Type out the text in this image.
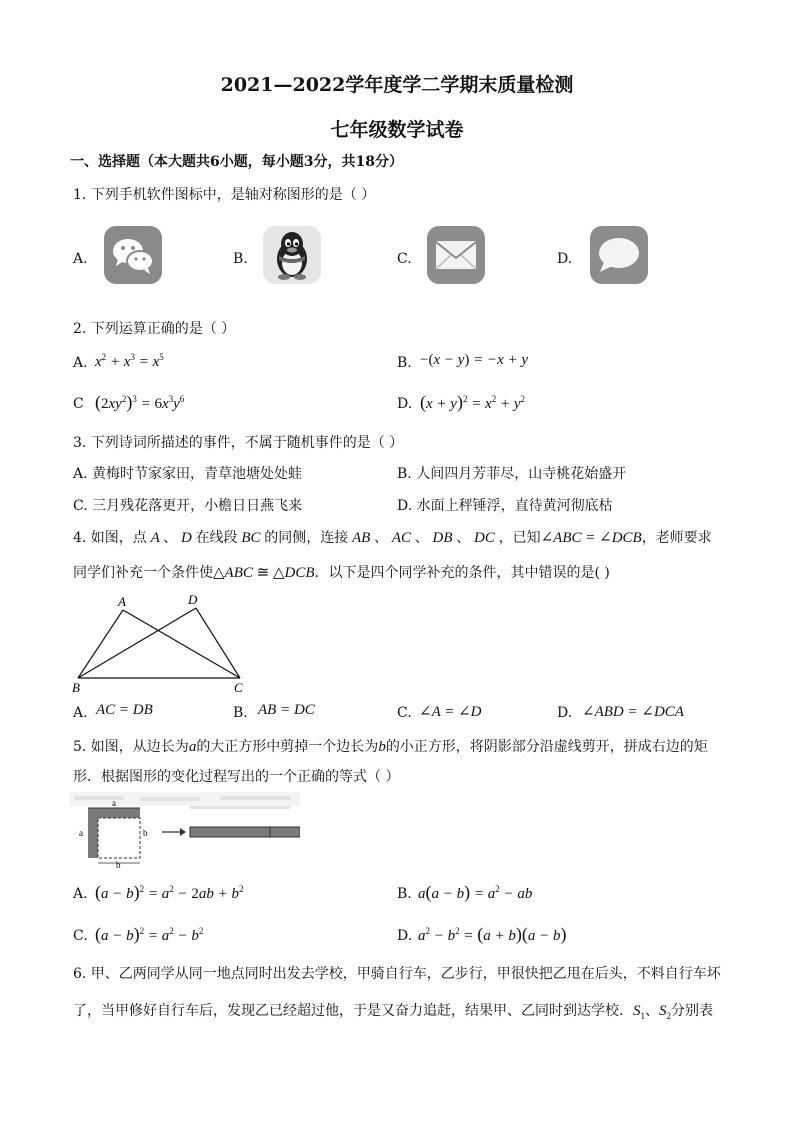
2021—2022学年度学二学期末质量检测
七年级数学试卷
一、选择题（本大题共6小题，每小题3分，共18分）
1. 下列手机软件图标中，是轴对称图形的是（ ）
A.	B.	C.	D.
2. 下列运算正确的是（ ）
A. $x^2 + x^3 = x^5$	B. −(x − y) = −x + y
C $(2xy^2)^3 = 6x^3y^6$	D. $(x + y)^2 = x^2 + y^2$
3. 下列诗词所描述的事件，不属于随机事件的是（ ）
A. 黄梅时节家家田，青草池塘处处蛙	B. 人间四月芳菲尽，山寺桃花始盛开
C. 三月残花落更开，小檐日日燕飞来	D. 水面上秤锤浮，直待黄河彻底枯
4. 如图，点 A 、 D 在线段 BC 的同侧，连接 AB 、 AC 、 DB 、 DC ，已知∠ABC = ∠DCB，老师要求
同学们补充一个条件使△ABC ≅ △DCB．以下是四个同学补充的条件，其中错误的是( )
A	D
B	C
A. AC = DB	B. AB = DC	C. ∠A = ∠D	D. ∠ABD = ∠DCA
5. 如图，从边长为a的大正方形中剪掉一个边长为b的小正方形，将阴影部分沿虚线剪开，拼成右边的矩
形．根据图形的变化过程写出的一个正确的等式（ ）
a
a	b
b
A. $(a - b)^2 = a^2 - 2ab + b^2$	B. $a(a - b) = a^2$ − ab
C. $(a - b)^2 = a^2 - b^2$	D. $a^2 - b^2 = (a + b)(a - b)$
6. 甲、乙两同学从同一地点同时出发去学校，甲骑自行车，乙步行，甲很快把乙甩在后头，不料自行车坏
了，当甲修好自行车后，发现乙已经超过他，于是又奋力追赶，结果甲、乙同时到达学校．$S_1$、$S_2$分别表
